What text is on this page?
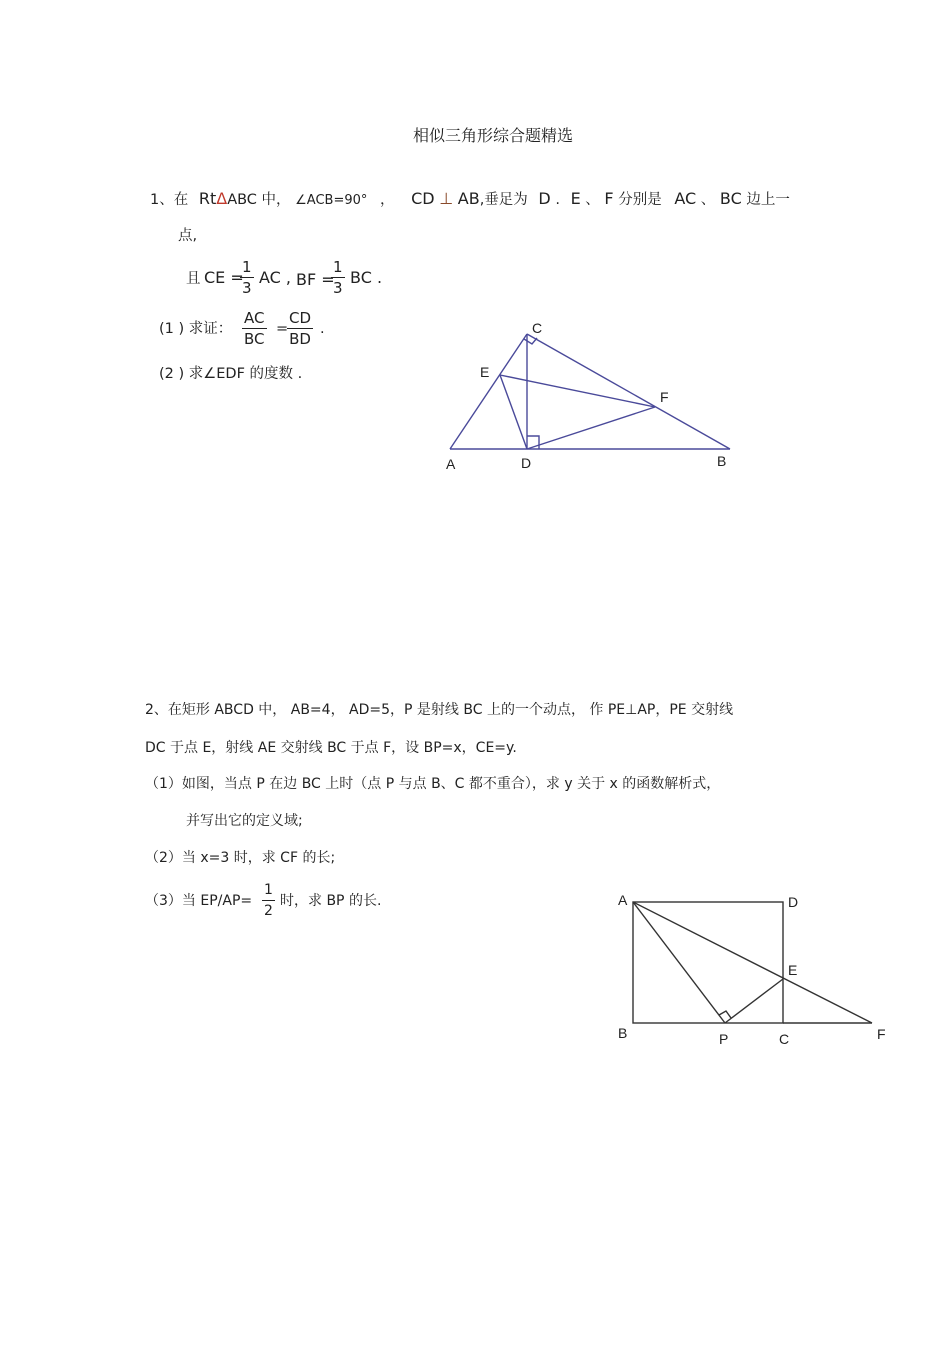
相似三角形综合题精选
1、在 RtΔABC 中， ∠ACB=90° ， CD ⊥ AB,垂足为 D . E 、 F 分别是 AC 、 BC 边上一
点,
且 CE =
$\frac{1}{3}$ AC , BF =
$\frac{1}{3}$ BC .
(1 ) 求证： $\frac{AC}{BC}$ =
$\frac{CD}{BD}$ .
(2 ) 求∠EDF 的度数 .
C
E
F
A	D	B
2、在矩形 ABCD 中， AB=4， AD=5，P 是射线 BC 上的一个动点， 作 PE⊥AP，PE 交射线
DC 于点 E，射线 AE 交射线 BC 于点 F，设 BP=x，CE=y.
（1）如图，当点 P 在边 BC 上时（点 P 与点 B、C 都不重合），求 y 关于 x 的函数解析式，
并写出它的定义域;
（2）当 x=3 时，求 CF 的长;
（3）当 $EP/AP= \frac{1}{2}$ 时，求 BP 的长.	A	D
E
B	P	C	F
